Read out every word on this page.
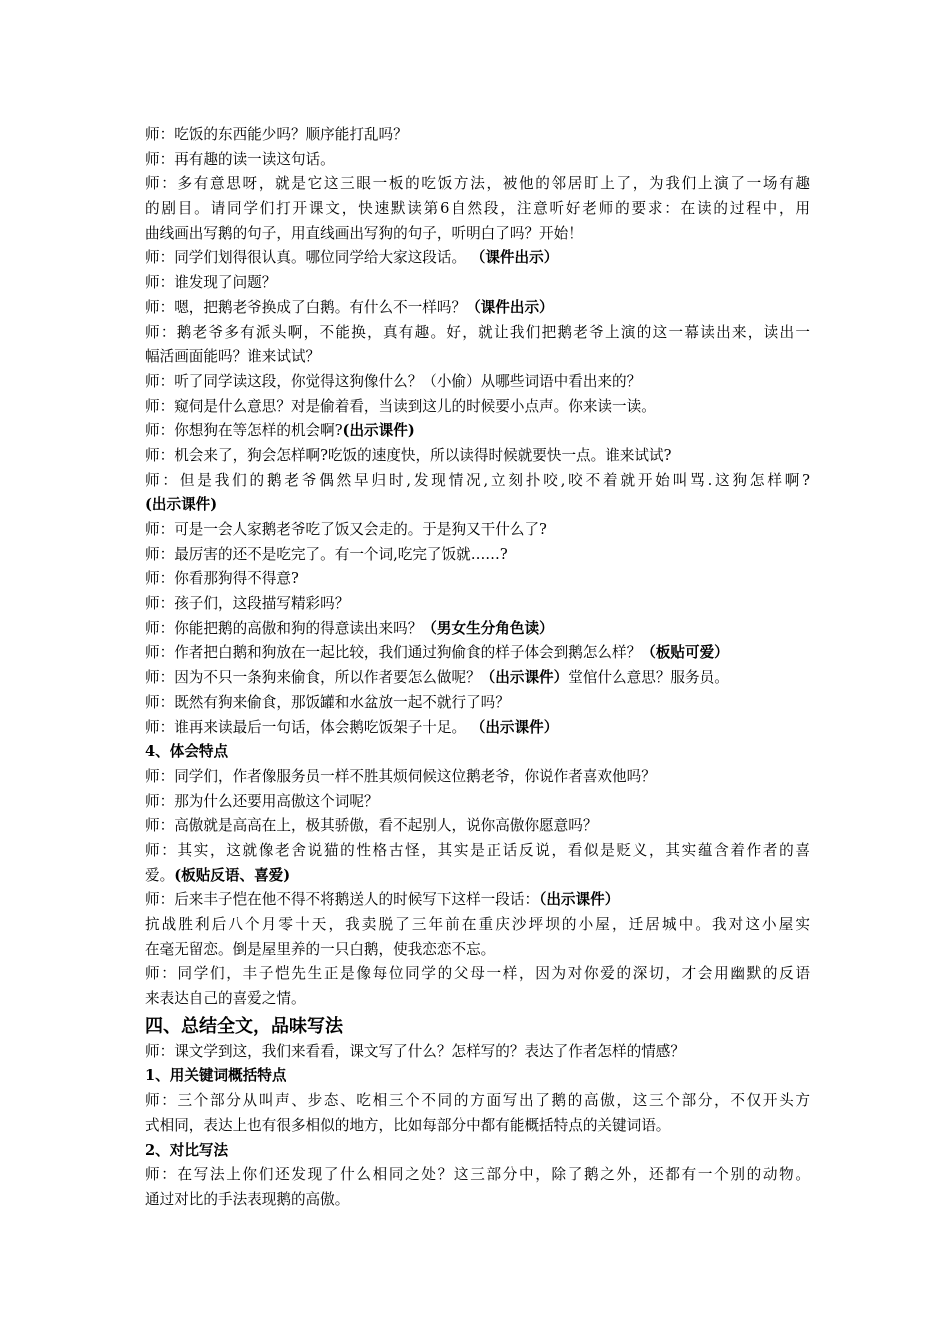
师：吃饭的东西能少吗？顺序能打乱吗？
师：再有趣的读一读这句话。
师：多有意思呀，就是它这三眼一板的吃饭方法，被他的邻居盯上了，为我们上演了一场有趣
的剧目。请同学们打开课文，快速默读第6自然段，注意听好老师的要求：在读的过程中，用
曲线画出写鹅的句子，用直线画出写狗的句子，听明白了吗？开始！
师：同学们划得很认真。哪位同学给大家这段话。 （课件出示）
师：谁发现了问题？
师：嗯，把鹅老爷换成了白鹅。有什么不一样吗？（课件出示）
师：鹅老爷多有派头啊，不能换，真有趣。好，就让我们把鹅老爷上演的这一幕读出来，读出一
幅活画面能吗？谁来试试？
师：听了同学读这段，你觉得这狗像什么？（小偷）从哪些词语中看出来的？
师：窥伺是什么意思？对是偷着看，当读到这儿的时候要小点声。你来读一读。
师：你想狗在等怎样的机会啊?(出示课件)
师：机会来了，狗会怎样啊?吃饭的速度快，所以读得时候就要快一点。谁来试试?
师：但是我们的鹅老爷偶然早归时,发现情况,立刻扑咬,咬不着就开始叫骂.这狗怎样啊?
(出示课件)
师：可是一会人家鹅老爷吃了饭又会走的。于是狗又干什么了?
师：最厉害的还不是吃完了。有一个词,吃完了饭就……?
师：你看那狗得不得意?
师：孩子们，这段描写精彩吗？
师：你能把鹅的高傲和狗的得意读出来吗？（男女生分角色读）
师：作者把白鹅和狗放在一起比较，我们通过狗偷食的样子体会到鹅怎么样？（板贴可爱）
师：因为不只一条狗来偷食，所以作者要怎么做呢？（出示课件）堂倌什么意思？服务员。
师：既然有狗来偷食，那饭罐和水盆放一起不就行了吗？
师：谁再来读最后一句话，体会鹅吃饭架子十足。 （出示课件）
4、体会特点
师：同学们，作者像服务员一样不胜其烦伺候这位鹅老爷，你说作者喜欢他吗？
师：那为什么还要用高傲这个词呢？
师：高傲就是高高在上，极其骄傲，看不起别人，说你高傲你愿意吗？
师：其实，这就像老舍说猫的性格古怪，其实是正话反说，看似是贬义，其实蕴含着作者的喜
爱。(板贴反语、喜爱)
师：后来丰子恺在他不得不将鹅送人的时候写下这样一段话：（出示课件）
抗战胜利后八个月零十天，我卖脱了三年前在重庆沙坪坝的小屋，迁居城中。我对这小屋实
在毫无留恋。倒是屋里养的一只白鹅，使我恋恋不忘。
师：同学们，丰子恺先生正是像每位同学的父母一样，因为对你爱的深切，才会用幽默的反语
来表达自己的喜爱之情。
四、总结全文，品味写法
师：课文学到这，我们来看看，课文写了什么？怎样写的？表达了作者怎样的情感？
1、用关键词概括特点
师：三个部分从叫声、步态、吃相三个不同的方面写出了鹅的高傲，这三个部分，不仅开头方
式相同，表达上也有很多相似的地方，比如每部分中都有能概括特点的关键词语。
2、对比写法
师：在写法上你们还发现了什么相同之处？这三部分中，除了鹅之外，还都有一个别的动物。
通过对比的手法表现鹅的高傲。
